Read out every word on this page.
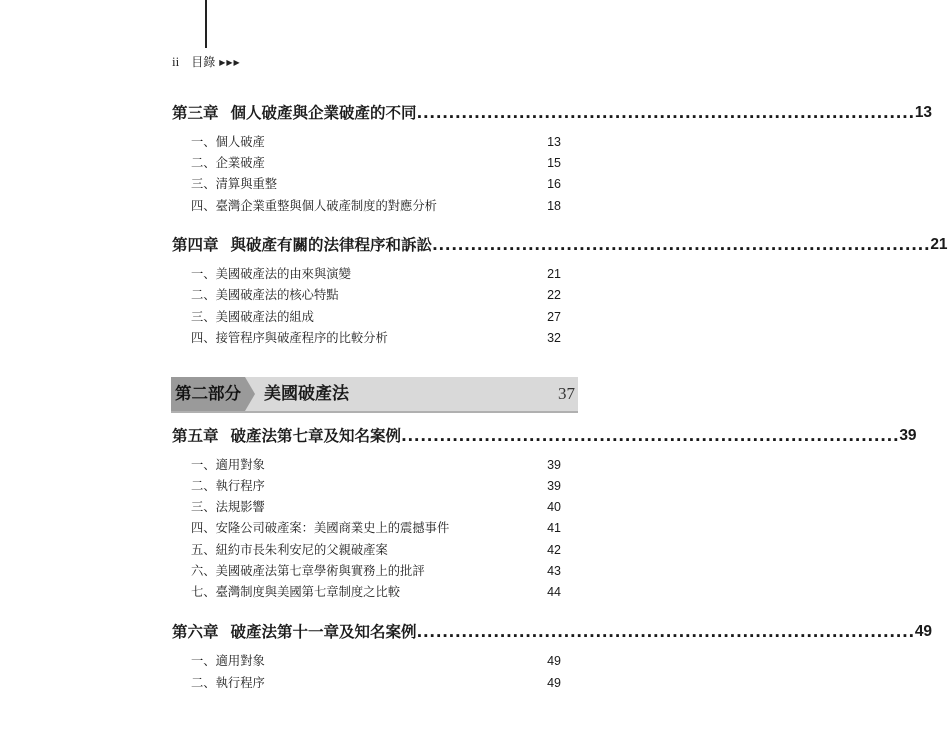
ii 目錄 ▶▶▶
第三章 個人破產與企業破產的不同 .............................................................................. 13
一、個人破產	13
二、企業破產	15
三、清算與重整	16
四、臺灣企業重整與個人破產制度的對應分析	18
第四章 與破產有關的法律程序和訴訟 .............................................................................. 21
一、美國破產法的由來與演變	21
二、美國破產法的核心特點	22
三、美國破產法的組成	27
四、接管程序與破產程序的比較分析	32
第二部分 美國破產法	37
第五章 破產法第七章及知名案例 .............................................................................. 39
一、適用對象	39
二、執行程序	39
三、法規影響	40
四、安隆公司破產案：美國商業史上的震撼事件	41
五、紐約市長朱利安尼的父親破產案	42
六、美國破產法第七章學術與實務上的批評	43
七、臺灣制度與美國第七章制度之比較	44
第六章 破產法第十一章及知名案例 .............................................................................. 49
一、適用對象	49
二、執行程序	49
